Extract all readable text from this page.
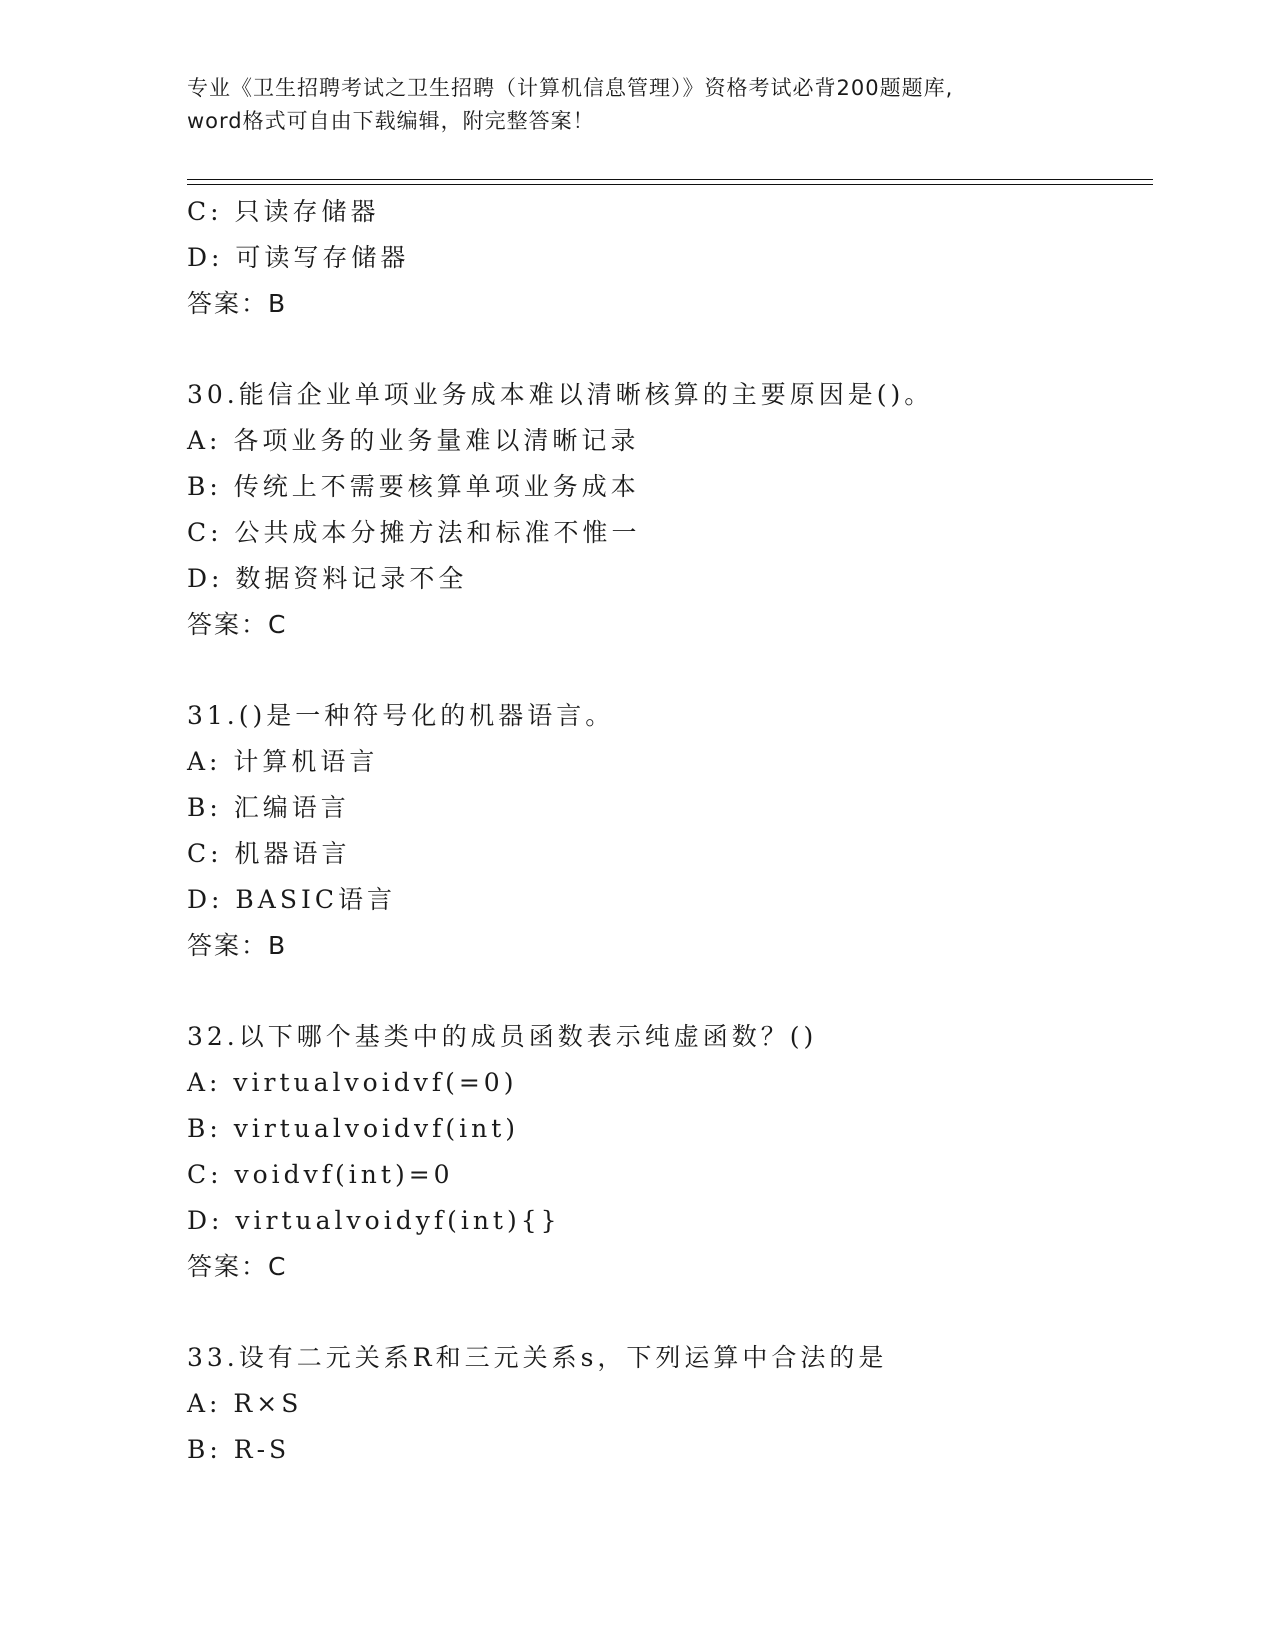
专业《卫生招聘考试之卫生招聘（计算机信息管理）》资格考试必背200题题库,
word格式可自由下载编辑，附完整答案！
C: 只读存储器
D: 可读写存储器
答案：B
30.能信企业单项业务成本难以清晰核算的主要原因是()。
A: 各项业务的业务量难以清晰记录
B: 传统上不需要核算单项业务成本
C: 公共成本分摊方法和标准不惟一
D: 数据资料记录不全
答案：C
31.()是一种符号化的机器语言。
A: 计算机语言
B: 汇编语言
C: 机器语言
D: BASIC语言
答案：B
32.以下哪个基类中的成员函数表示纯虚函数？()
A: virtualvoidvf(=0)
B: virtualvoidvf(int)
C: voidvf(int)=0
D: virtualvoidyf(int){}
答案：C
33.设有二元关系R和三元关系s，下列运算中合法的是
A: R×S
B: R-S
